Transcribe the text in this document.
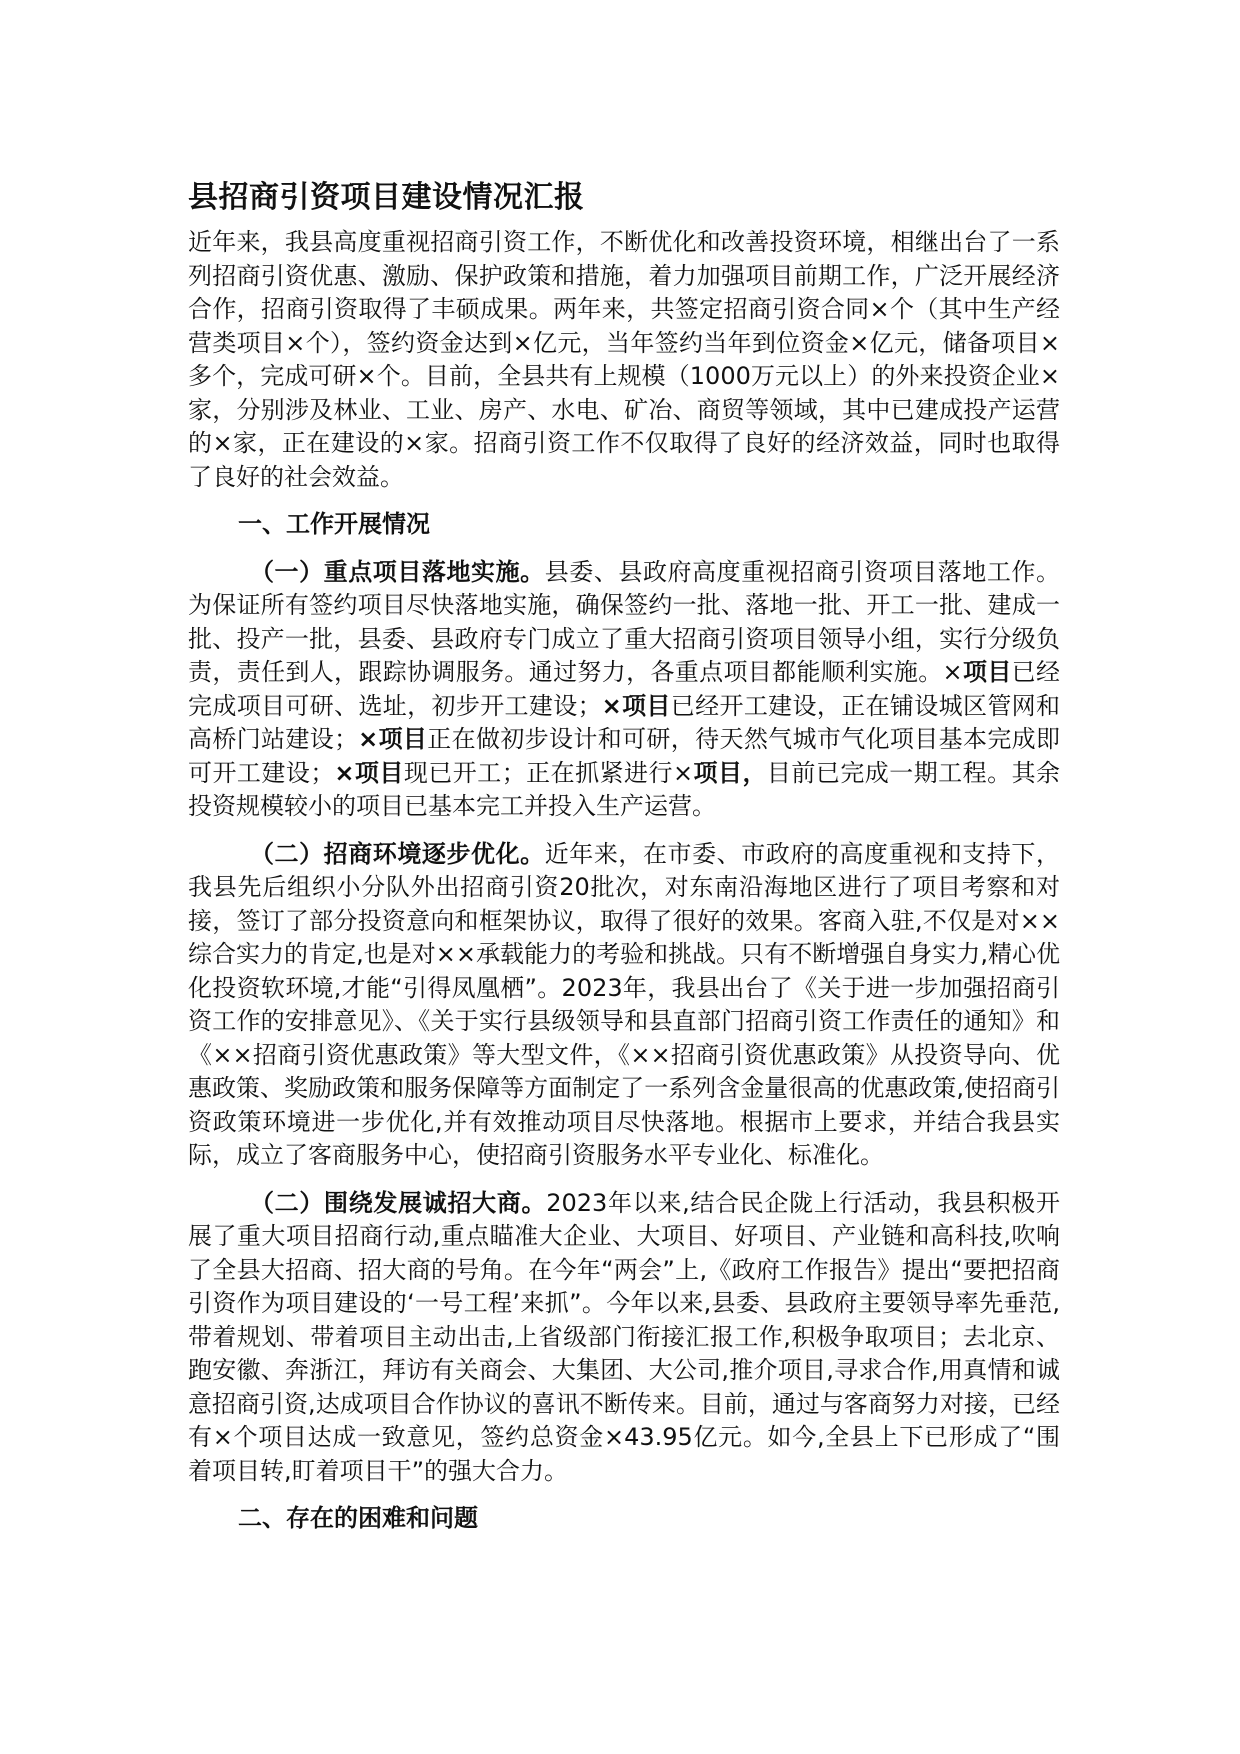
县招商引资项目建设情况汇报

近年来，我县高度重视招商引资工作，不断优化和改善投资环境，相继出台了一系列招商引资优惠、激励、保护政策和措施，着力加强项目前期工作，广泛开展经济合作，招商引资取得了丰硕成果。两年来，共签定招商引资合同×个（其中生产经营类项目×个），签约资金达到×亿元，当年签约当年到位资金×亿元，储备项目×多个，完成可研×个。目前，全县共有上规模（1000万元以上）的外来投资企业×家，分别涉及林业、工业、房产、水电、矿冶、商贸等领域，其中已建成投产运营的×家，正在建设的×家。招商引资工作不仅取得了良好的经济效益，同时也取得了良好的社会效益。

一、工作开展情况

（一）重点项目落地实施。县委、县政府高度重视招商引资项目落地工作。为保证所有签约项目尽快落地实施，确保签约一批、落地一批、开工一批、建成一批、投产一批，县委、县政府专门成立了重大招商引资项目领导小组，实行分级负责，责任到人，跟踪协调服务。通过努力，各重点项目都能顺利实施。×项目已经完成项目可研、选址，初步开工建设；×项目已经开工建设，正在铺设城区管网和高桥门站建设；×项目正在做初步设计和可研，待天然气城市气化项目基本完成即可开工建设；×项目现已开工；正在抓紧进行×项目，目前已完成一期工程。其余投资规模较小的项目已基本完工并投入生产运营。

（二）招商环境逐步优化。近年来，在市委、市政府的高度重视和支持下，我县先后组织小分队外出招商引资20批次，对东南沿海地区进行了项目考察和对接，签订了部分投资意向和框架协议，取得了很好的效果。客商入驻,不仅是对××综合实力的肯定,也是对××承载能力的考验和挑战。只有不断增强自身实力,精心优化投资软环境,才能“引得凤凰栖”。2023年，我县出台了《关于进一步加强招商引资工作的安排意见》、《关于实行县级领导和县直部门招商引资工作责任的通知》和《××招商引资优惠政策》等大型文件，《××招商引资优惠政策》从投资导向、优惠政策、奖励政策和服务保障等方面制定了一系列含金量很高的优惠政策,使招商引资政策环境进一步优化,并有效推动项目尽快落地。根据市上要求，并结合我县实际，成立了客商服务中心，使招商引资服务水平专业化、标准化。

（二）围绕发展诚招大商。2023年以来,结合民企陇上行活动，我县积极开展了重大项目招商行动,重点瞄准大企业、大项目、好项目、产业链和高科技,吹响了全县大招商、招大商的号角。在今年“两会”上,《政府工作报告》提出“要把招商引资作为项目建设的‘一号工程’来抓”。今年以来,县委、县政府主要领导率先垂范,带着规划、带着项目主动出击,上省级部门衔接汇报工作,积极争取项目；去北京、跑安徽、奔浙江，拜访有关商会、大集团、大公司,推介项目,寻求合作,用真情和诚意招商引资,达成项目合作协议的喜讯不断传来。目前，通过与客商努力对接，已经有×个项目达成一致意见，签约总资金×43.95亿元。如今,全县上下已形成了“围着项目转,盯着项目干”的强大合力。

二、存在的困难和问题
